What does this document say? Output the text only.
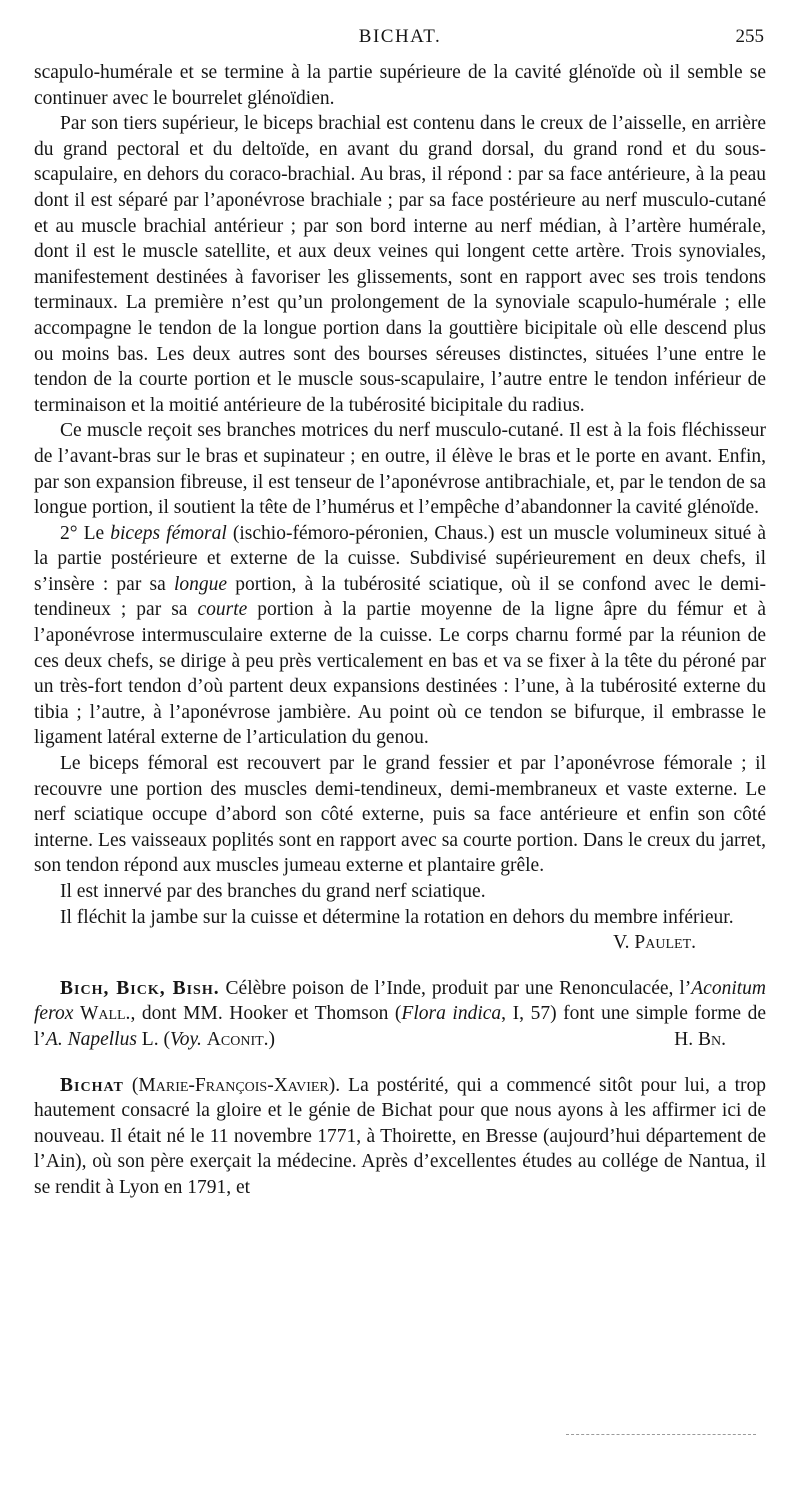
BICHAT.	255

scapulo-humérale et se termine à la partie supérieure de la cavité glénoïde où il semble se continuer avec le bourrelet glénoïdien.

Par son tiers supérieur, le biceps brachial est contenu dans le creux de l’aisselle, en arrière du grand pectoral et du deltoïde, en avant du grand dorsal, du grand rond et du sous-scapulaire, en dehors du coraco-brachial. Au bras, il répond : par sa face antérieure, à la peau dont il est séparé par l’aponévrose brachiale ; par sa face postérieure au nerf musculo-cutané et au muscle brachial antérieur ; par son bord interne au nerf médian, à l’artère humérale, dont il est le muscle satellite, et aux deux veines qui longent cette artère. Trois synoviales, manifestement destinées à favoriser les glissements, sont en rapport avec ses trois tendons terminaux. La première n’est qu’un prolongement de la synoviale scapulo-humérale ; elle accompagne le tendon de la longue portion dans la gouttière bicipitale où elle descend plus ou moins bas. Les deux autres sont des bourses séreuses distinctes, situées l’une entre le tendon de la courte portion et le muscle sous-scapulaire, l’autre entre le tendon inférieur de terminaison et la moitié antérieure de la tubérosité bicipitale du radius.

Ce muscle reçoit ses branches motrices du nerf musculo-cutané. Il est à la fois fléchisseur de l’avant-bras sur le bras et supinateur ; en outre, il élève le bras et le porte en avant. Enfin, par son expansion fibreuse, il est tenseur de l’aponévrose antibrachiale, et, par le tendon de sa longue portion, il soutient la tête de l’humérus et l’empêche d’abandonner la cavité glénoïde.

2° Le biceps fémoral (ischio-fémoro-péronien, Chaus.) est un muscle volumineux situé à la partie postérieure et externe de la cuisse. Subdivisé supérieurement en deux chefs, il s’insère : par sa longue portion, à la tubérosité sciatique, où il se confond avec le demi-tendineux ; par sa courte portion à la partie moyenne de la ligne âpre du fémur et à l’aponévrose intermusculaire externe de la cuisse. Le corps charnu formé par la réunion de ces deux chefs, se dirige à peu près verticalement en bas et va se fixer à la tête du péroné par un très-fort tendon d’où partent deux expansions destinées : l’une, à la tubérosité externe du tibia ; l’autre, à l’aponévrose jambière. Au point où ce tendon se bifurque, il embrasse le ligament latéral externe de l’articulation du genou.

Le biceps fémoral est recouvert par le grand fessier et par l’aponévrose fémorale ; il recouvre une portion des muscles demi-tendineux, demi-membraneux et vaste externe. Le nerf sciatique occupe d’abord son côté externe, puis sa face antérieure et enfin son côté interne. Les vaisseaux poplités sont en rapport avec sa courte portion. Dans le creux du jarret, son tendon répond aux muscles jumeau externe et plantaire grêle.

Il est innervé par des branches du grand nerf sciatique.

Il fléchit la jambe sur la cuisse et détermine la rotation en dehors du membre inférieur.

V. Paulet.

Bich, Bick, Bish. Célèbre poison de l’Inde, produit par une Renonculacée, l’Aconitum ferox Wall., dont MM. Hooker et Thomson (Flora indica, I, 57) font une simple forme de l’A. Napellus L. (Voy. Aconit.)	H. Bn.

Bichat (Marie-François-Xavier). La postérité, qui a commencé sitôt pour lui, a trop hautement consacré la gloire et le génie de Bichat pour que nous ayons à les affirmer ici de nouveau. Il était né le 11 novembre 1771, à Thoirette, en Bresse (aujourd’hui département de l’Ain), où son père exerçait la médecine. Après d’excellentes études au collége de Nantua, il se rendit à Lyon en 1791, et
